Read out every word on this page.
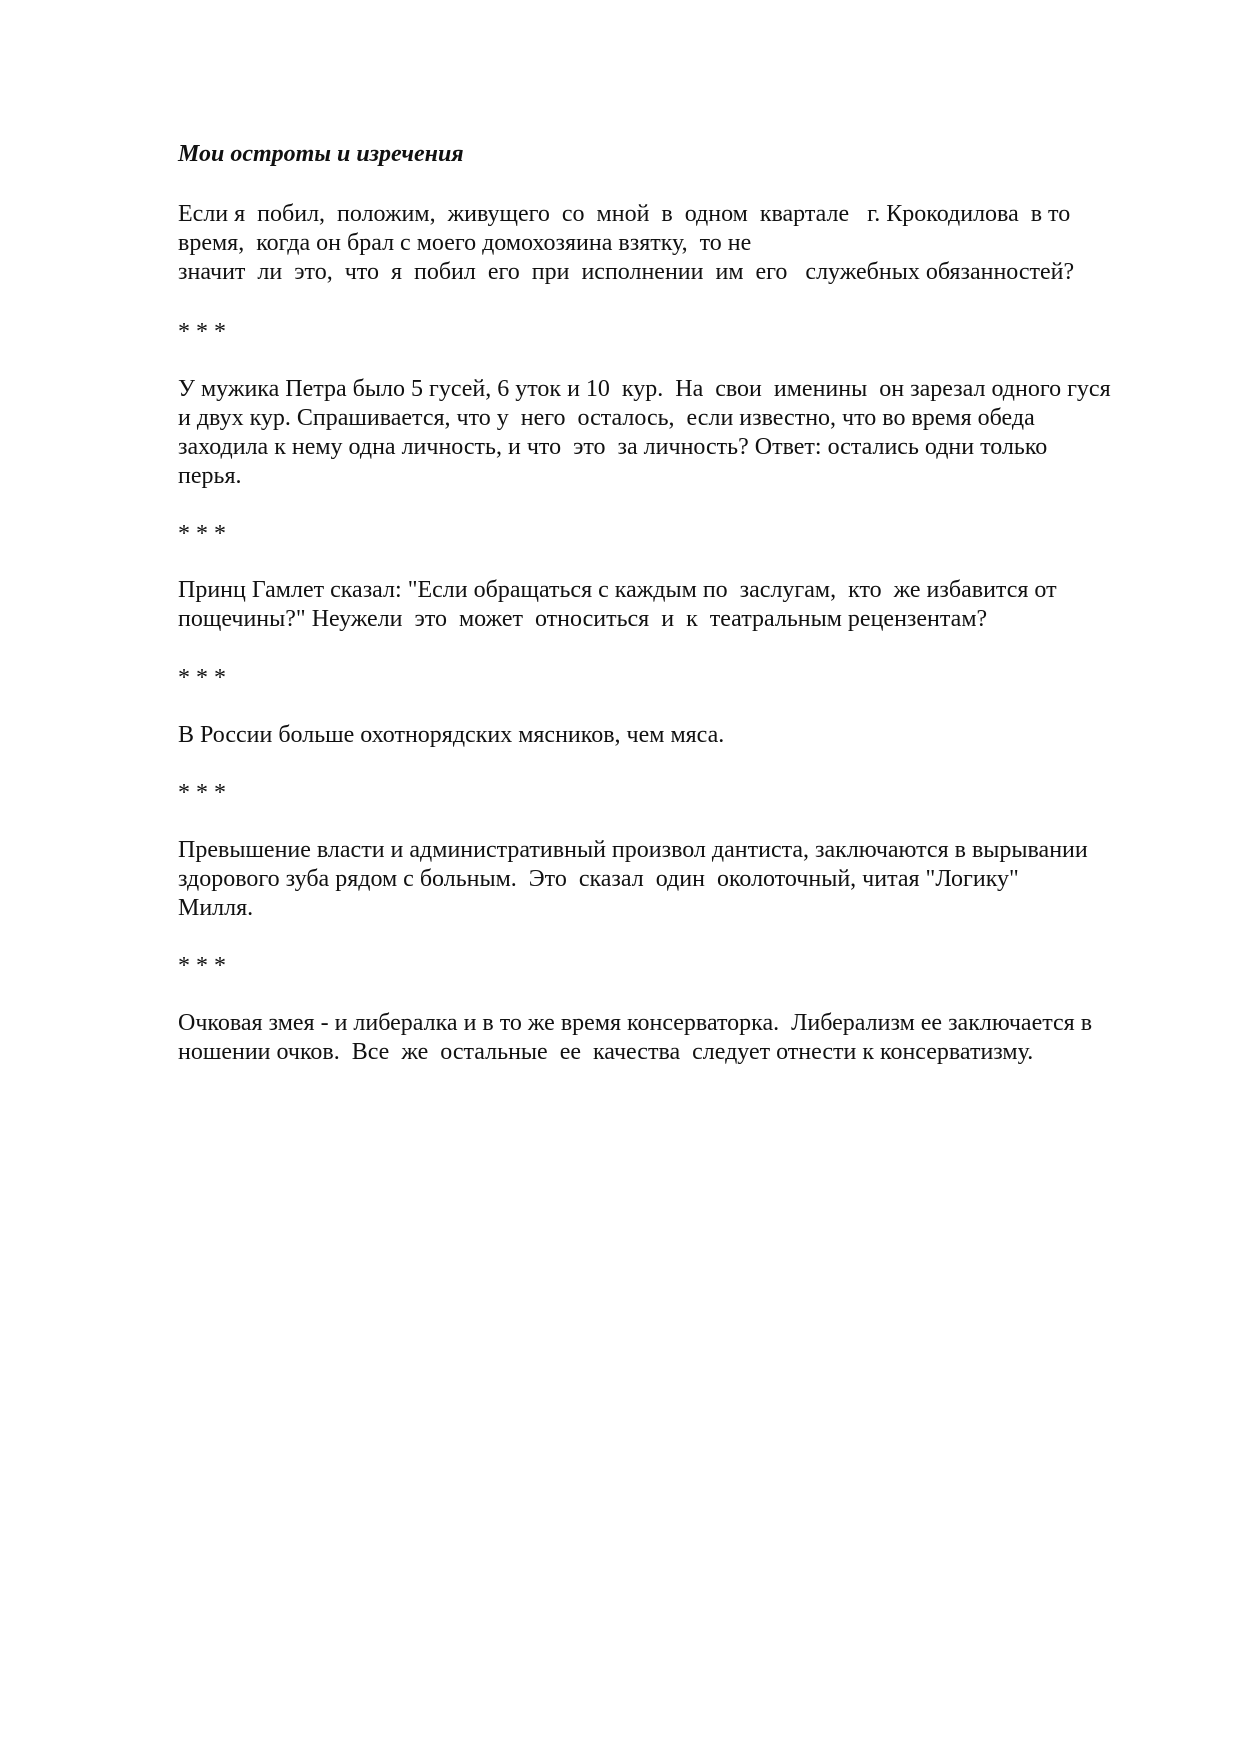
Мои остроты и изречения
Если я  побил,  положим,  живущего  со  мной  в  одном  квартале   г. Крокодилова  в то
время,  когда он брал с моего домохозяина взятку,  то не
значит  ли  это,  что  я  побил  его  при  исполнении  им  его   служебных обязанностей?
* * *
У мужика Петра было 5 гусей, 6 уток и 10  кур.  На  свои  именины  он зарезал одного гуся
и двух кур. Спрашивается, что у  него  осталось,  если известно, что во время обеда
заходила к нему одна личность, и что  это  за личность? Ответ: остались одни только
перья.
* * *
Принц Гамлет сказал: "Если обращаться с каждым по  заслугам,  кто  же избавится от
пощечины?" Неужели  это  может  относиться  и  к  театральным рецензентам?
* * *
В России больше охотнорядских мясников, чем мяса.
* * *
Превышение власти и административный произвол дантиста, заключаются в вырывании
здорового зуба рядом с больным.  Это  сказал  один  околоточный, читая "Логику"
Милля.
* * *
Очковая змея - и либералка и в то же время консерваторка.  Либерализм ее заключается в
ношении очков.  Все  же  остальные  ее  качества  следует отнести к консерватизму.
